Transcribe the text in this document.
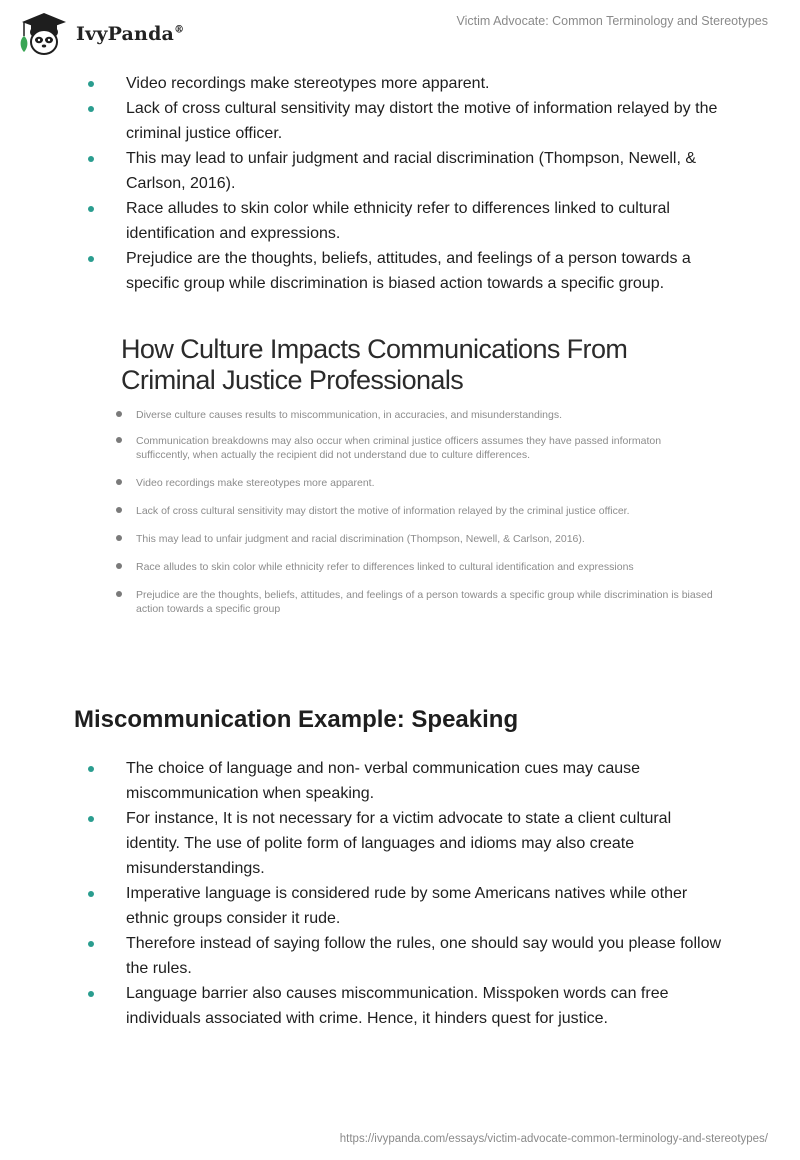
IvyPanda®
Victim Advocate: Common Terminology and Stereotypes
Video recordings make stereotypes more apparent.
Lack of cross cultural sensitivity may distort the motive of information relayed by the criminal justice officer.
This may lead to unfair judgment and racial discrimination (Thompson, Newell, & Carlson, 2016).
Race alludes to skin color while ethnicity refer to differences linked to cultural identification and expressions.
Prejudice are the thoughts, beliefs, attitudes, and feelings of a person towards a specific group while discrimination is biased action towards a specific group.
How Culture Impacts Communications From Criminal Justice Professionals
Diverse culture causes results to miscommunication, in accuracies, and misunderstandings.
Communication breakdowns may also occur when criminal justice officers assumes they have passed informaton sufficcently, when actually the recipient did not understand due to culture differences.
Video recordings make stereotypes more apparent.
Lack of cross cultural sensitivity may distort the motive of information relayed by the criminal justice officer.
This may lead to unfair judgment and racial discrimination (Thompson, Newell, & Carlson, 2016).
Race alludes to skin color while ethnicity refer to differences linked to cultural identification and expressions
Prejudice are the thoughts, beliefs, attitudes, and feelings of a person towards a specific group while discrimination is biased action towards a specific group
Miscommunication Example: Speaking
The choice of language and non- verbal communication cues may cause miscommunication when speaking.
For instance, It is not necessary for a victim advocate to state a client cultural identity. The use of polite form of languages and idioms may also create misunderstandings.
Imperative language is considered rude by some Americans natives while other ethnic groups consider it rude.
Therefore instead of saying follow the rules, one should say would you please follow the rules.
Language barrier also causes miscommunication. Misspoken words can free individuals associated with crime. Hence, it hinders quest for justice.
https://ivypanda.com/essays/victim-advocate-common-terminology-and-stereotypes/
